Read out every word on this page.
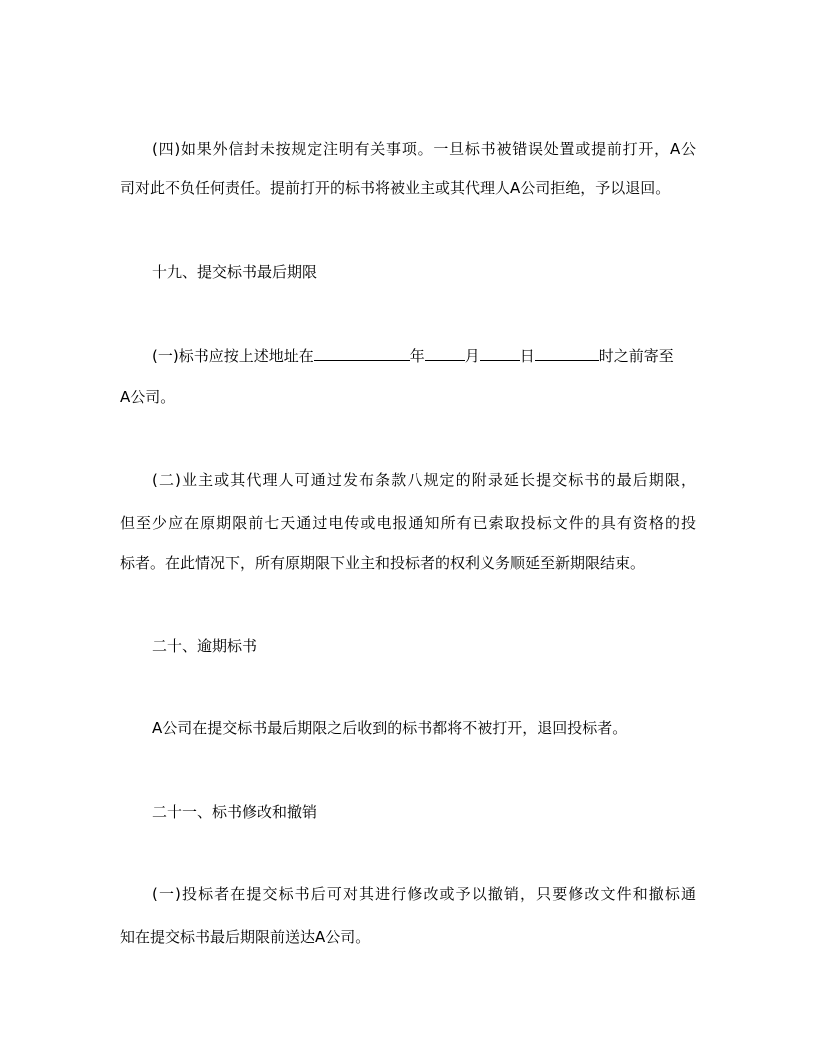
(四)如果外信封未按规定注明有关事项。一旦标书被错误处置或提前打开，A公
司对此不负任何责任。提前打开的标书将被业主或其代理人A公司拒绝，予以退回。
十九、提交标书最后期限
(一)标书应按上述地址在	年	月	日	时之前寄至
A公司。
(二)业主或其代理人可通过发布条款八规定的附录延长提交标书的最后期限，
但至少应在原期限前七天通过电传或电报通知所有已索取投标文件的具有资格的投
标者。在此情况下，所有原期限下业主和投标者的权利义务顺延至新期限结束。
二十、逾期标书
A公司在提交标书最后期限之后收到的标书都将不被打开，退回投标者。
二十一、标书修改和撤销
(一)投标者在提交标书后可对其进行修改或予以撤销，只要修改文件和撤标通
知在提交标书最后期限前送达A公司。
